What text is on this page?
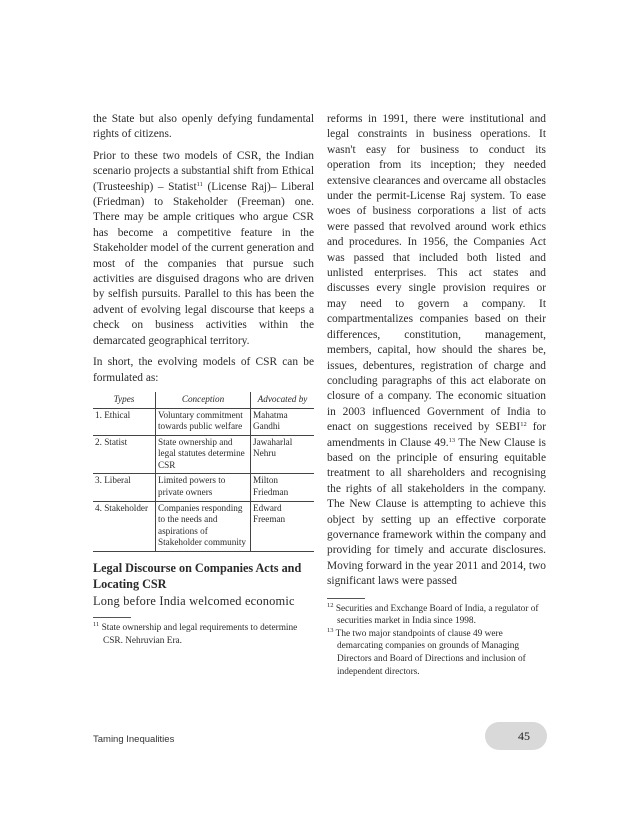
the State but also openly defying fundamental rights of citizens.

Prior to these two models of CSR, the Indian scenario projects a substantial shift from Ethical (Trusteeship) – Statist$^{11}$ (License Raj)– Liberal (Friedman) to Stakeholder (Freeman) one. There may be ample critiques who argue CSR has become a competitive feature in the Stakeholder model of the current generation and most of the companies that pursue such activities are disguised dragons who are driven by selfish pursuits. Parallel to this has been the advent of evolving legal discourse that keeps a check on business activities within the demarcated geographical territory.

In short, the evolving models of CSR can be formulated as:

Types	Conception	Advocated by
1. Ethical	Voluntary commitment towards public welfare	Mahatma Gandhi
2. Statist	State ownership and legal statutes determine CSR	Jawaharlal Nehru
3. Liberal	Limited powers to private owners	Milton Friedman
4. Stakeholder	Companies responding to the needs and aspirations of Stakeholder community	Edward Freeman
Legal Discourse on Companies Acts and Locating CSR

Long before India welcomed economic

$^{11}$ State ownership and legal requirements to determine CSR. Nehruvian Era.

reforms in 1991, there were institutional and legal constraints in business operations. It wasn't easy for business to conduct its operation from its inception; they needed extensive clearances and overcame all obstacles under the permit-License Raj system. To ease woes of business corporations a list of acts were passed that revolved around work ethics and procedures. In 1956, the Companies Act was passed that included both listed and unlisted enterprises. This act states and discusses every single provision requires or may need to govern a company. It compartmentalizes companies based on their differences, constitution, management, members, capital, how should the shares be, issues, debentures, registration of charge and concluding paragraphs of this act elaborate on closure of a company. The economic situation in 2003 influenced Government of India to enact on suggestions received by SEBI$^{12}$ for amendments in Clause 49.13 The New Clause is based on the principle of ensuring equitable treatment to all shareholders and recognising the rights of all stakeholders in the company. The New Clause is attempting to achieve this object by setting up an effective corporate governance framework within the company and providing for timely and accurate disclosures. Moving forward in the year 2011 and 2014, two significant laws were passed

$^{12}$ Securities and Exchange Board of India, a regulator of securities market in India since 1998.

$^{13}$ The two major standpoints of clause 49 were demarcating companies on grounds of Managing Directors and Board of Directions and inclusion of independent directors.

Taming Inequalities	45
